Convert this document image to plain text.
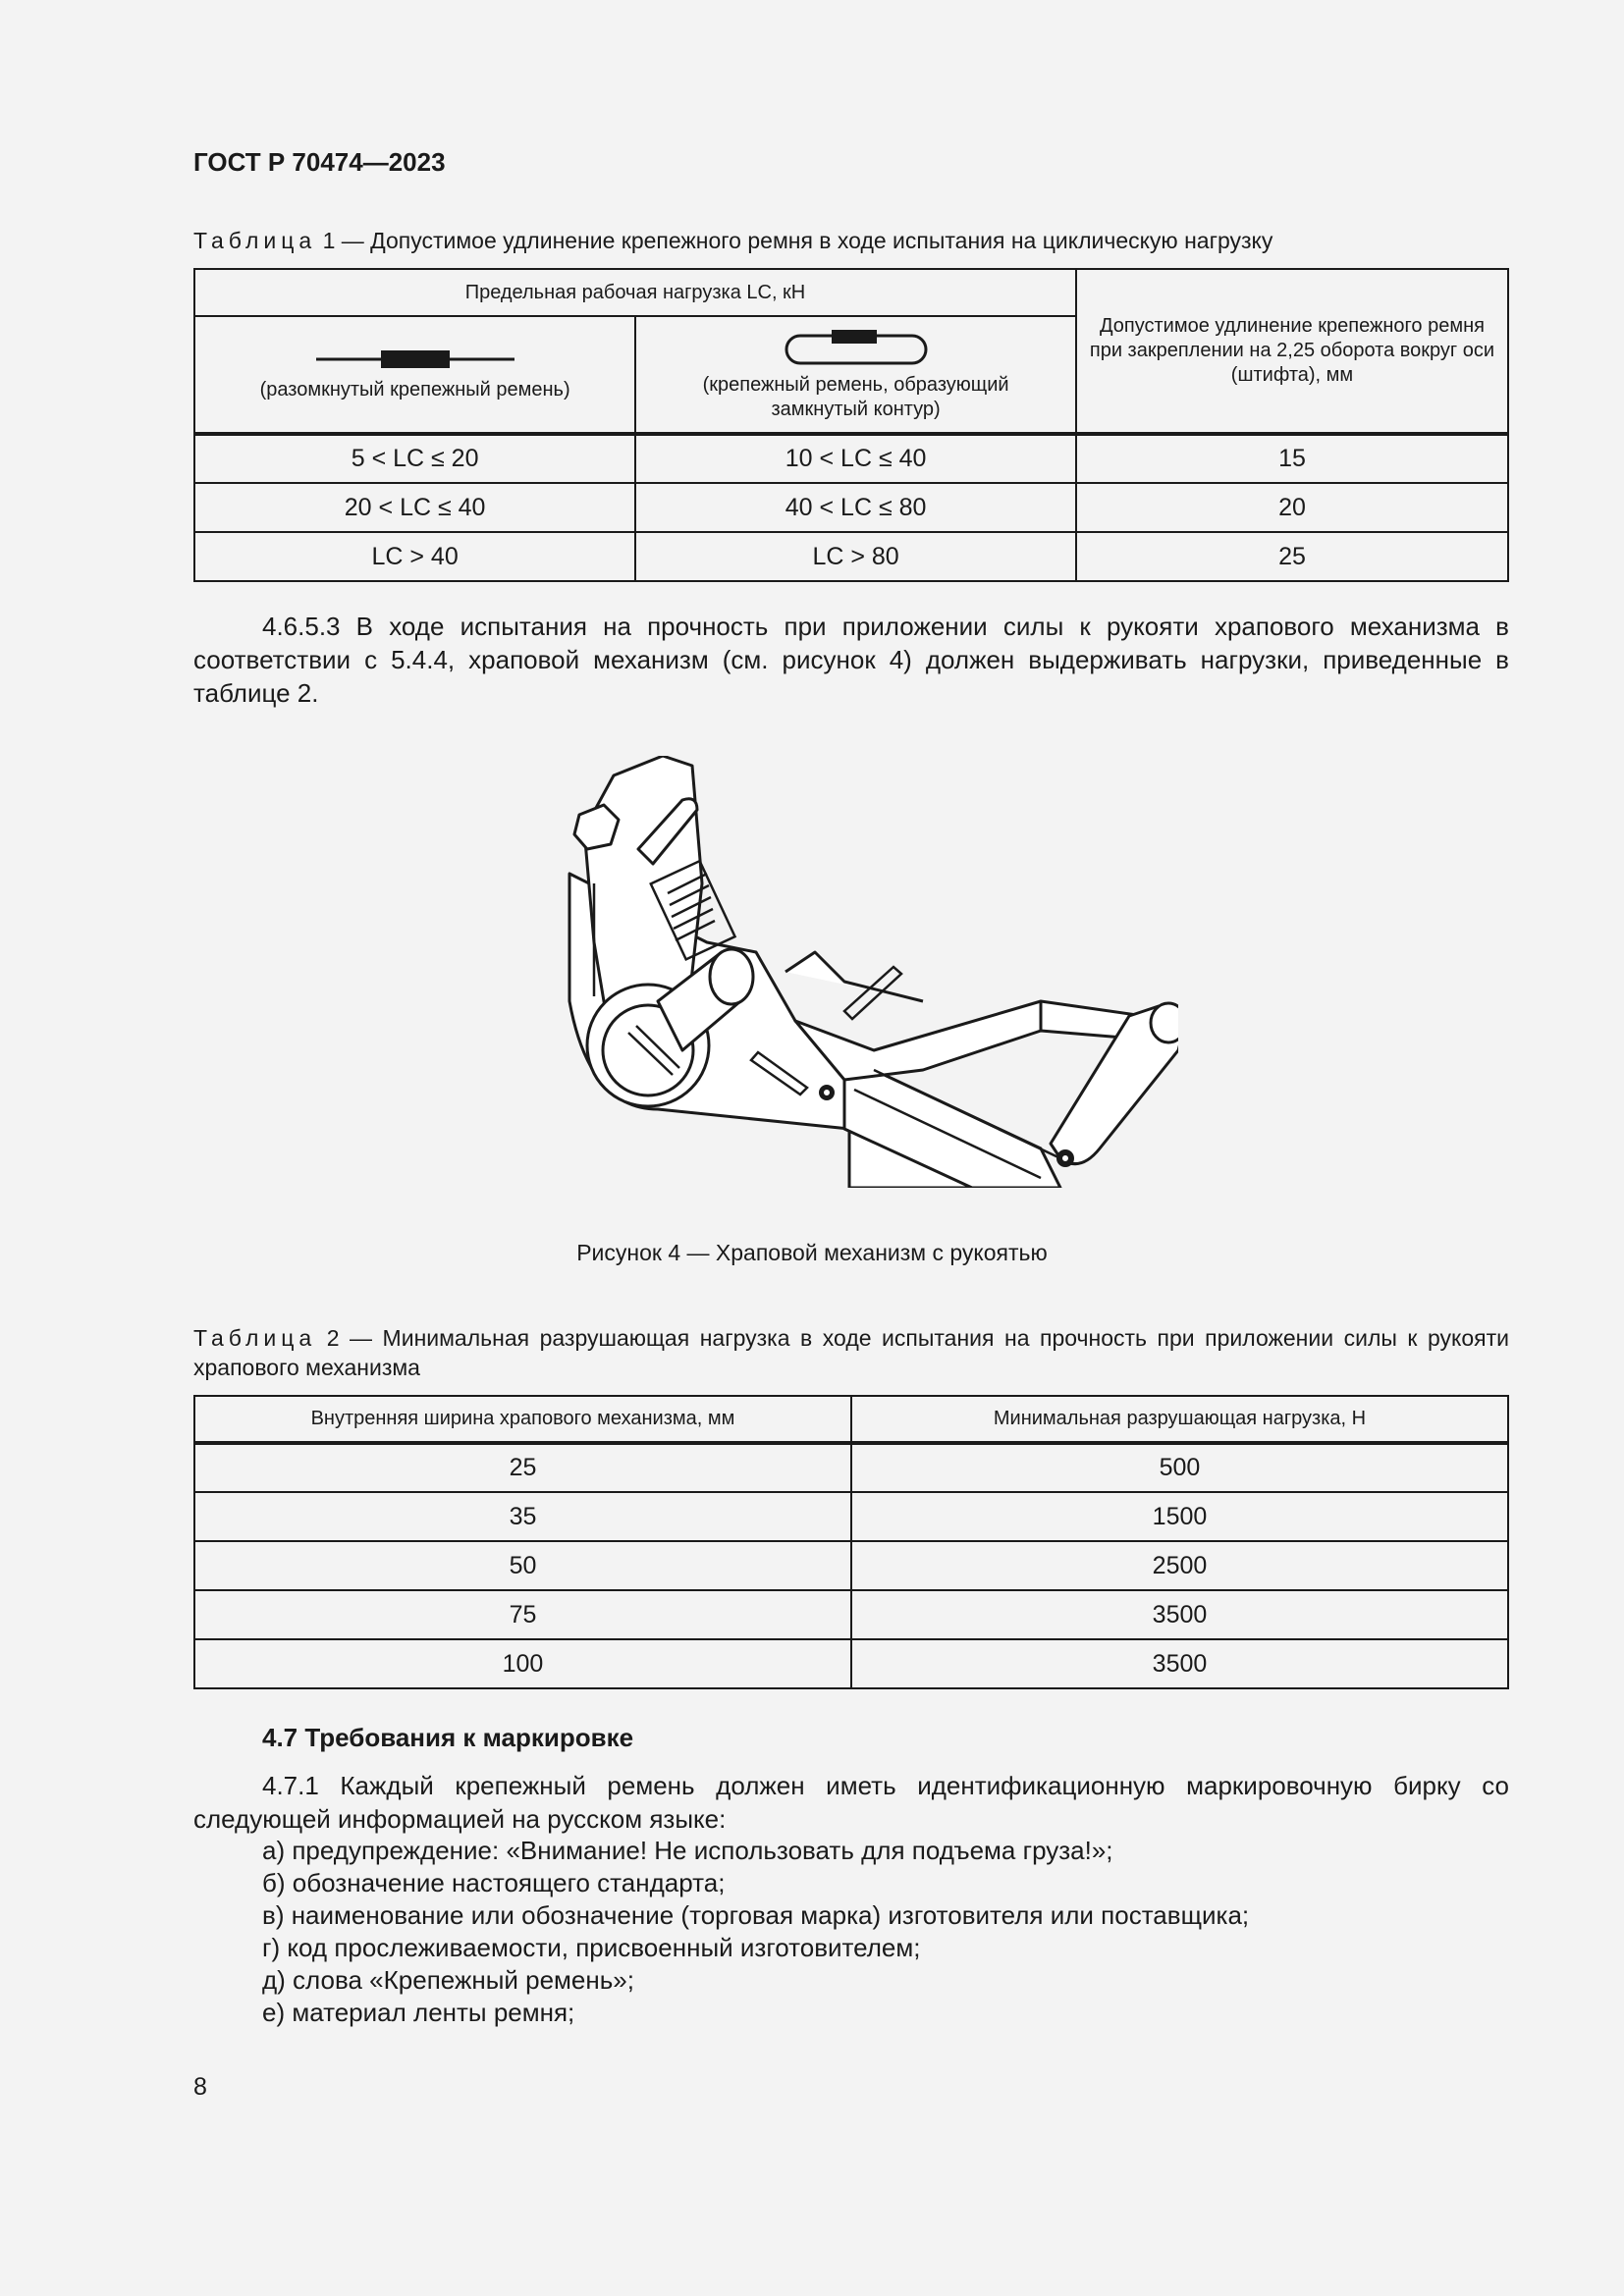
ГОСТ Р 70474—2023
Таблица 1 — Допустимое удлинение крепежного ремня в ходе испытания на циклическую нагрузку
Предельная рабочая нагрузка LC, кН		Допустимое удлинение крепежного ремня при закреплении на 2,25 оборота вокруг оси (штифта), мм

(разомкнутый крепежный ремень)	(крепежный ремень, образующий замкнутый контур)	
5 < LC ≤ 20	10 < LC ≤ 40	15
20 < LC ≤ 40	40 < LC ≤ 80	20
LC > 40	LC > 80	25
4.6.5.3 В ходе испытания на прочность при приложении силы к рукояти храпового механизма в соответствии с 5.4.4, храповой механизм (см. рисунок 4) должен выдерживать нагрузки, приведенные в таблице 2.
Рисунок 4 — Храповой механизм с рукоятью
Таблица 2 — Минимальная разрушающая нагрузка в ходе испытания на прочность при приложении силы к рукояти храпового механизма
Внутренняя ширина храпового механизма, мм	Минимальная разрушающая нагрузка, Н
25	500
35	1500
50	2500
75	3500
100	3500
4.7 Требования к маркировке
4.7.1 Каждый крепежный ремень должен иметь идентификационную маркировочную бирку со следующей информацией на русском языке:
а) предупреждение: «Внимание! Не использовать для подъема груза!»;
б) обозначение настоящего стандарта;
в) наименование или обозначение (торговая марка) изготовителя или поставщика;
г) код прослеживаемости, присвоенный изготовителем;
д) слова «Крепежный ремень»;
е) материал ленты ремня;
8
